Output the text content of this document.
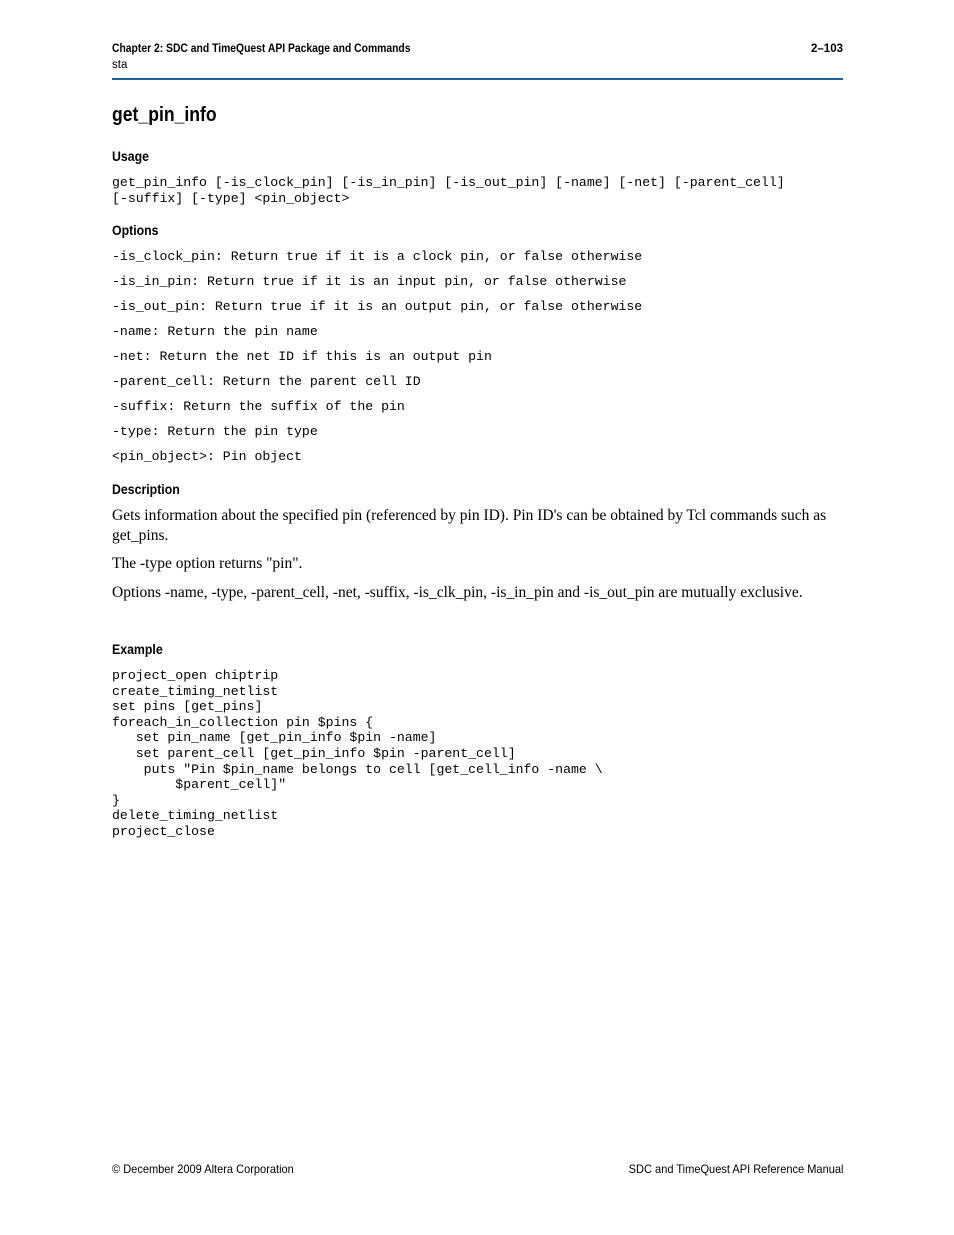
Chapter 2: SDC and TimeQuest API Package and Commands	2–103
sta
get_pin_info
Usage
get_pin_info [-is_clock_pin] [-is_in_pin] [-is_out_pin] [-name] [-net] [-parent_cell]
[-suffix] [-type] <pin_object>
Options
-is_clock_pin: Return true if it is a clock pin, or false otherwise
-is_in_pin: Return true if it is an input pin, or false otherwise
-is_out_pin: Return true if it is an output pin, or false otherwise
-name: Return the pin name
-net: Return the net ID if this is an output pin
-parent_cell: Return the parent cell ID
-suffix: Return the suffix of the pin
-type: Return the pin type
<pin_object>: Pin object
Description

Gets information about the specified pin (referenced by pin ID). Pin ID's can be obtained by Tcl commands such as get_pins.

The -type option returns "pin".

Options -name, -type, -parent_cell, -net, -suffix, -is_clk_pin, -is_in_pin and -is_out_pin are mutually exclusive.

Example
project_open chiptrip
create_timing_netlist
set pins [get_pins]
foreach_in_collection pin $pins {
set pin_name [get_pin_info $pin -name]
set parent_cell [get_pin_info $pin -parent_cell]
puts "Pin $pin_name belongs to cell [get_cell_info -name \
$parent_cell]"
}
delete_timing_netlist
project_close
© December 2009 Altera Corporation	SDC and TimeQuest API Reference Manual
